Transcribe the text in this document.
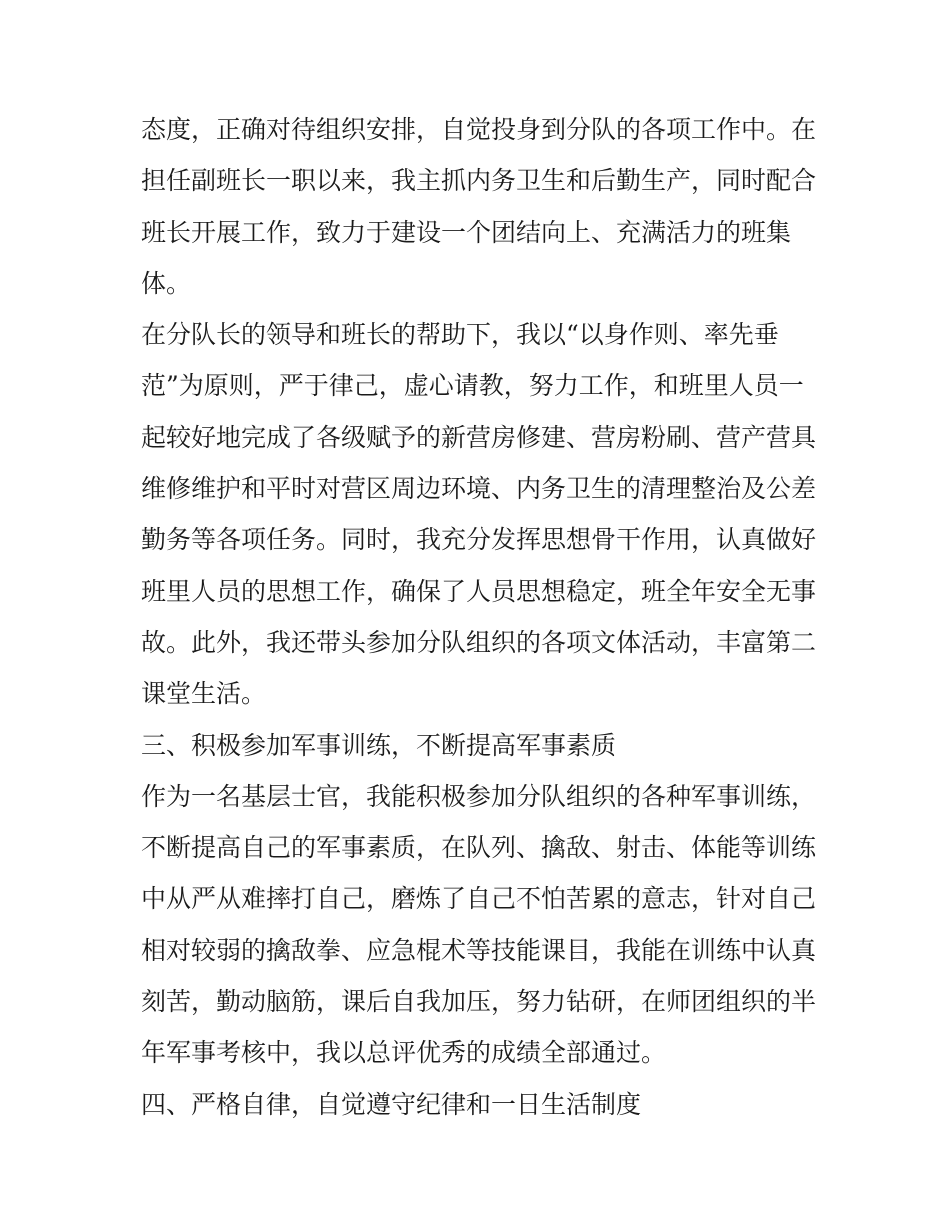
态度，正确对待组织安排，自觉投身到分队的各项工作中。在
担任副班长一职以来，我主抓内务卫生和后勤生产，同时配合
班长开展工作，致力于建设一个团结向上、充满活力的班集
体。
在分队长的领导和班长的帮助下，我以“以身作则、率先垂
范”为原则，严于律己，虚心请教，努力工作，和班里人员一
起较好地完成了各级赋予的新营房修建、营房粉刷、营产营具
维修维护和平时对营区周边环境、内务卫生的清理整治及公差
勤务等各项任务。同时，我充分发挥思想骨干作用，认真做好
班里人员的思想工作，确保了人员思想稳定，班全年安全无事
故。此外，我还带头参加分队组织的各项文体活动，丰富第二
课堂生活。
三、积极参加军事训练，不断提高军事素质
作为一名基层士官，我能积极参加分队组织的各种军事训练，
不断提高自己的军事素质，在队列、擒敌、射击、体能等训练
中从严从难摔打自己，磨炼了自己不怕苦累的意志，针对自己
相对较弱的擒敌拳、应急棍术等技能课目，我能在训练中认真
刻苦，勤动脑筋，课后自我加压，努力钻研，在师团组织的半
年军事考核中，我以总评优秀的成绩全部通过。
四、严格自律，自觉遵守纪律和一日生活制度
